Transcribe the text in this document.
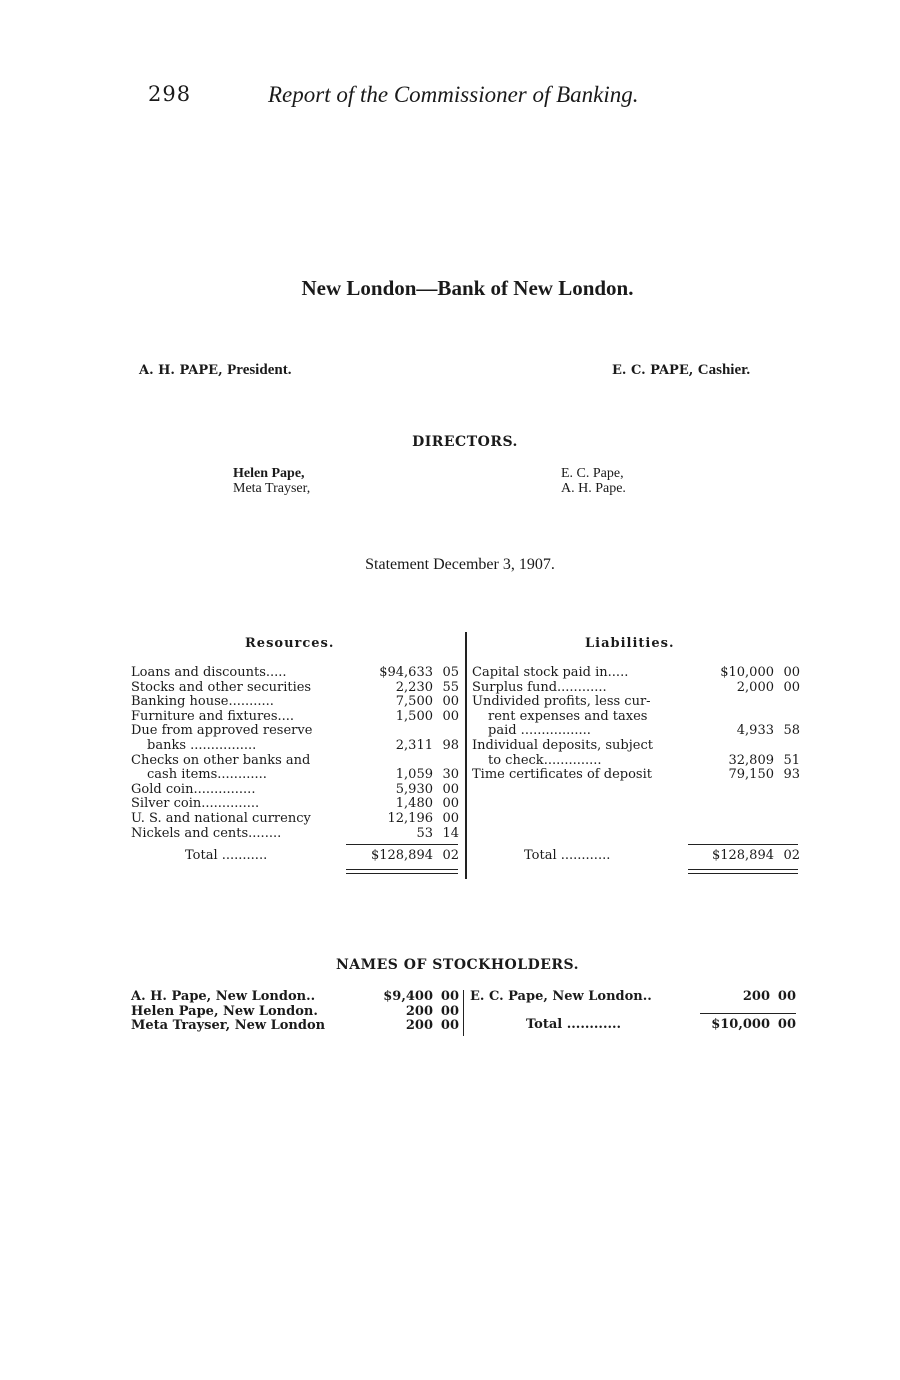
298	Report of the Commissioner of Banking.
New London—Bank of New London.
A. H. PAPE, President.	E. C. PAPE, Cashier.
DIRECTORS.
Helen Pape,
Meta Trayser,
E. C. Pape,
A. H. Pape.
Statement December 3, 1907.
Resources.	Liabilities.
Loans and discounts.....	$94,633 05
Stocks and other securities	2,230 55
Banking house...........	7,500 00
Furniture and fixtures....	1,500 00
Due from approved reserve
banks ................	2,311 98
Checks on other banks and
cash items............	1,059 30
Gold coin...............	5,930 00
Silver coin..............	1,480 00
U. S. and national currency	12,196 00
Nickels and cents........	53 14
Total ...........	$128,894 02
Capital stock paid in.....	$10,000 00
Surplus fund............	2,000 00
Undivided profits, less cur-
rent expenses and taxes
paid .................	4,933 58
Individual deposits, subject
to check..............	32,809 51
Time certificates of deposit	79,150 93
Total ............	$128,894 02
NAMES OF STOCKHOLDERS.
A. H. Pape, New London..	$9,400 00
Helen Pape, New London.	200 00
Meta Trayser, New London	200 00
E. C. Pape, New London..	200 00
Total ............	$10,000 00
